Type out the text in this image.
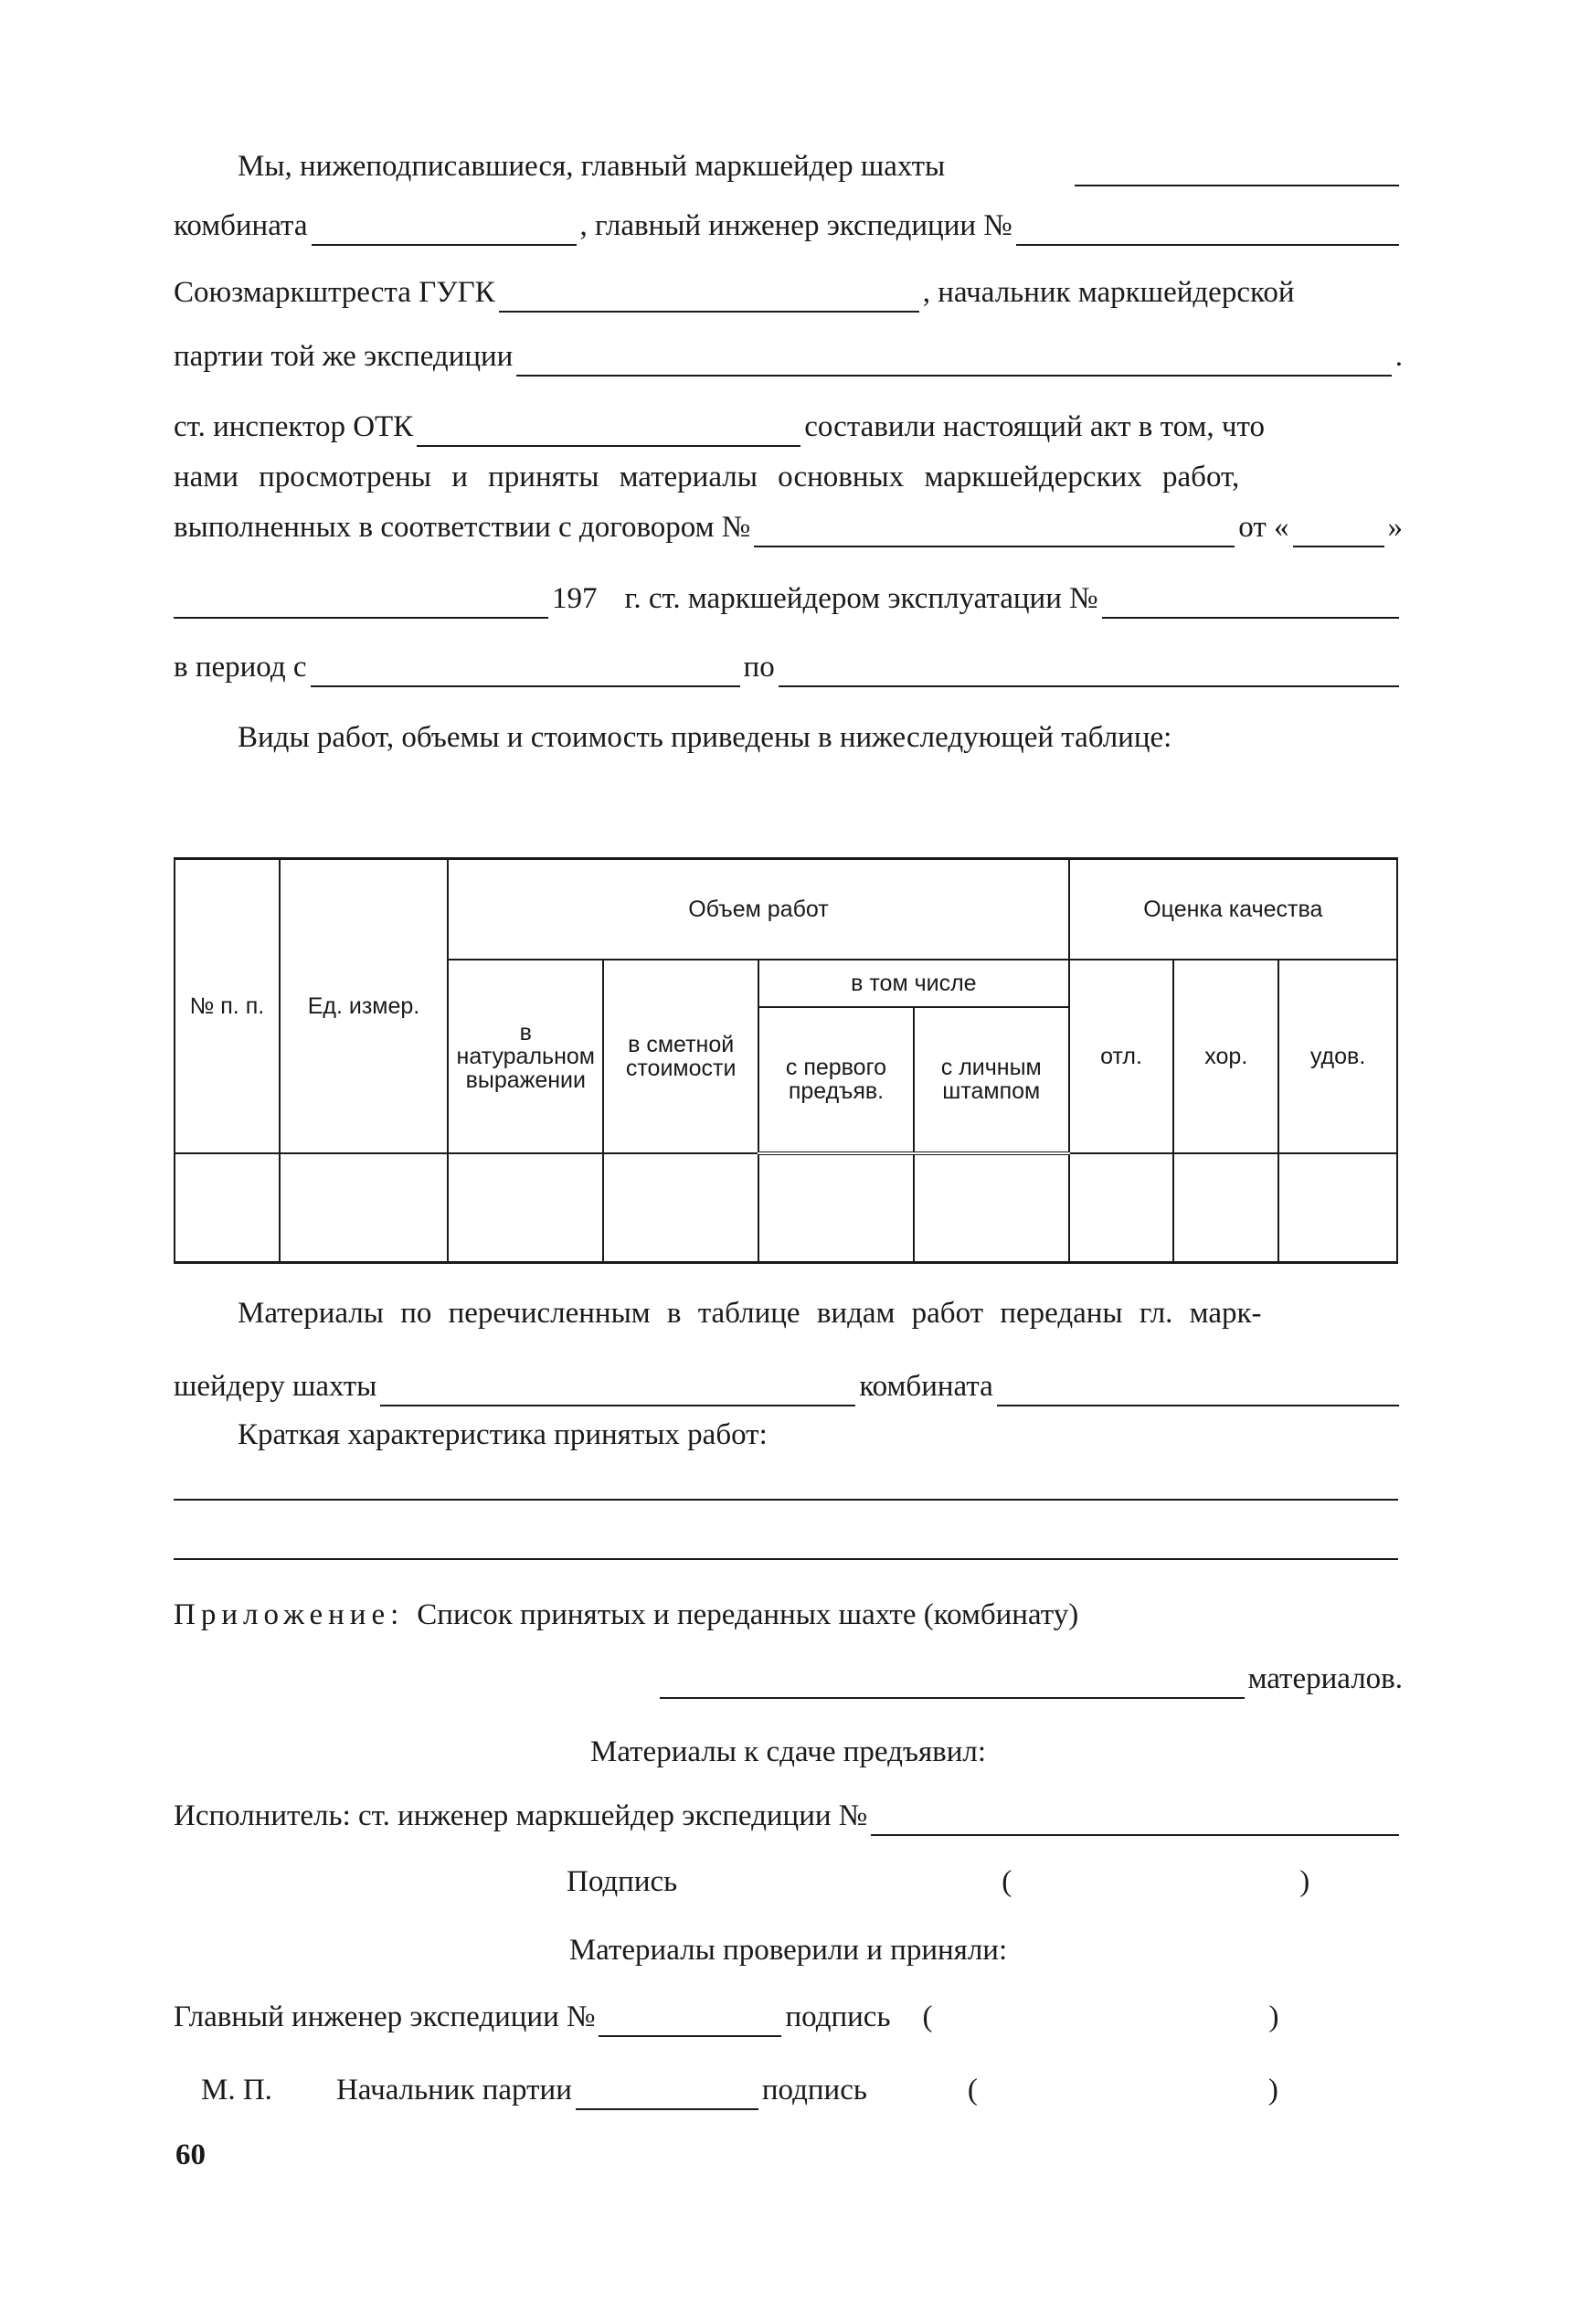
Мы, нижеподписавшиеся, главный маркшейдер шахты
комбината	, главный инженер экспедиции №
Союзмаркштреста ГУГК	, начальник маркшейдерской
партии той же экспедиции	.
ст. инспектор ОТК	составили настоящий акт в том, что
нами просмотрены и приняты материалы основных маркшейдерских работ,
выполненных в соответствии с договором №	от «	»
197 г. ст. маркшейдером эксплуатации №
в период с	по
Виды работ, объемы и стоимость приведены в нижеследующей таблице:
№ п. п.	Ед. измер.	Объем работ				Оценка качества		
		в натуральном выражении	в сметной стоимости	в том числе		отл.	хор.	удов.
				с первого предъяв.	с личным штампом			

Материалы по перечисленным в таблице видам работ переданы гл. марк-
шейдеру шахты	комбината
Краткая характеристика принятых работ:
Приложение: Список принятых и переданных шахте (комбинату)
материалов.
Материалы к сдаче предъявил:
Исполнитель: ст. инженер маркшейдер экспедиции №
Подпись	(	)
Материалы проверили и приняли:
Главный инженер экспедиции №	подпись (	)
М. П. Начальник партии	подпись	(	)
60
